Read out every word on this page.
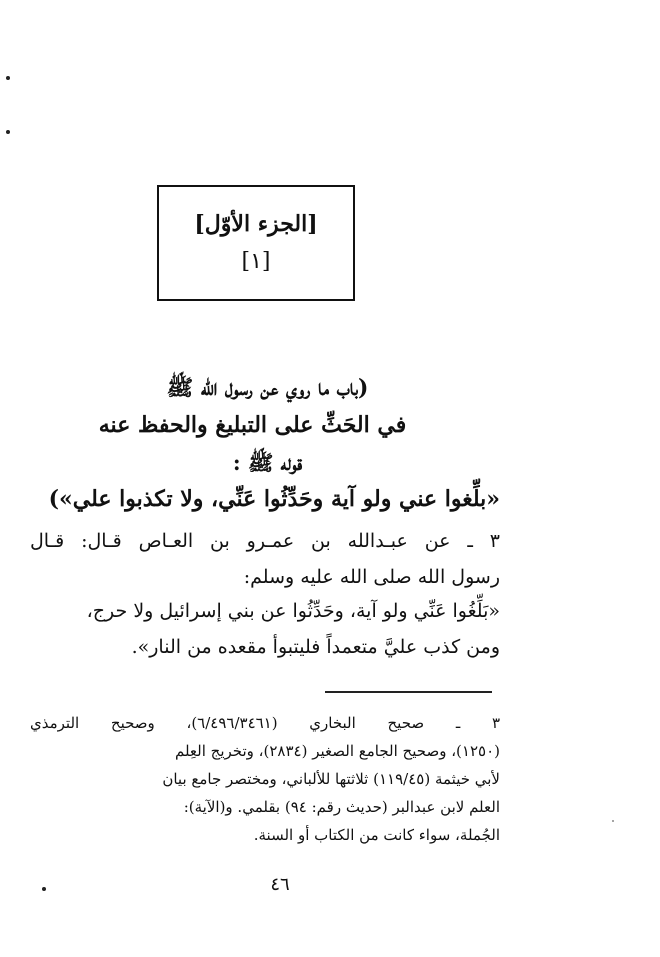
[الجزء الأوّل]
[١]
(باب ما روي عن رسول الله ﷺ
في الحَثِّ على التبليغ والحفظ عنه
قوله ﷺ :
«بلِّغوا عني ولو آية وحَدِّثُوا عَنِّي، ولا تكذبوا علي»)
٣ ـ عن عبـدالله بن عمـرو بن العـاص قـال: قـال
رسول الله صلى الله عليه وسلم:
«بَلِّغُوا عَنِّي ولو آية، وحَدِّثُوا عن بني إسرائيل ولا حرج،
ومن كذب عليَّ متعمداً فليتبوأ مقعده من النار».
٣ ـ صحيح البخاري (٦/٤٩٦/٣٤٦١)، وصحيح الترمذي
(١٢٥٠)، وصحيح الجامع الصغير (٢٨٣٤)، وتخريج العِلم
لأبي خيثمة (١١٩/٤٥) ثلاثتها للألباني، ومختصر جامع بيان
العلم لابن عبدالبر (حديث رقم: ٩٤) بقلمي. و(الآية):
الجُملة، سواء كانت من الكتاب أو السنة.
٤٦
